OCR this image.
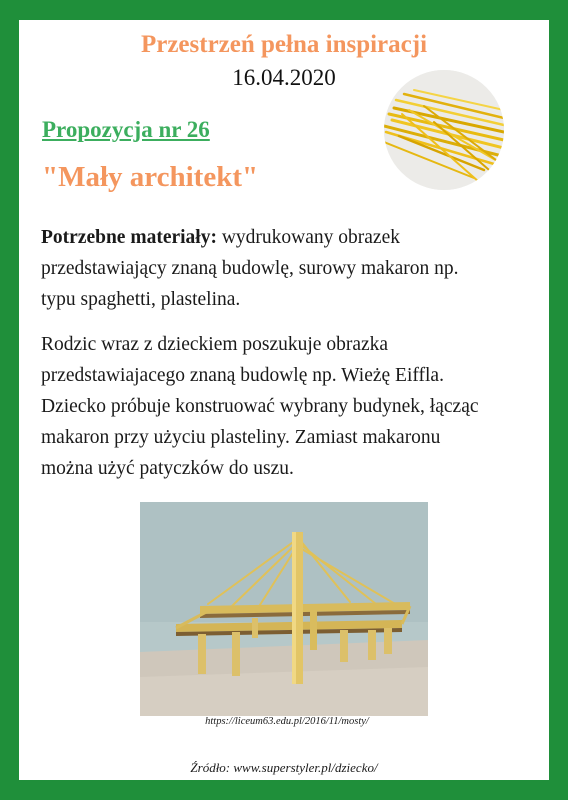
Przestrzeń pełna inspiracji
16.04.2020
Propozycja nr 26
"Mały architekt"
Potrzebne materiały: wydrukowany obrazek przedstawiający znaną budowlę, surowy makaron np. typu spaghetti, plastelina.
Rodzic wraz z dzieckiem poszukuje obrazka przedstawiajacego znaną budowlę np. Wieżę Eiffla. Dziecko próbuje konstruować wybrany budynek, łącząc makaron przy użyciu plasteliny. Zamiast makaronu można użyć patyczków do uszu.
https://liceum63.edu.pl/2016/11/mosty/
Źródło: www.superstyler.pl/dziecko/
